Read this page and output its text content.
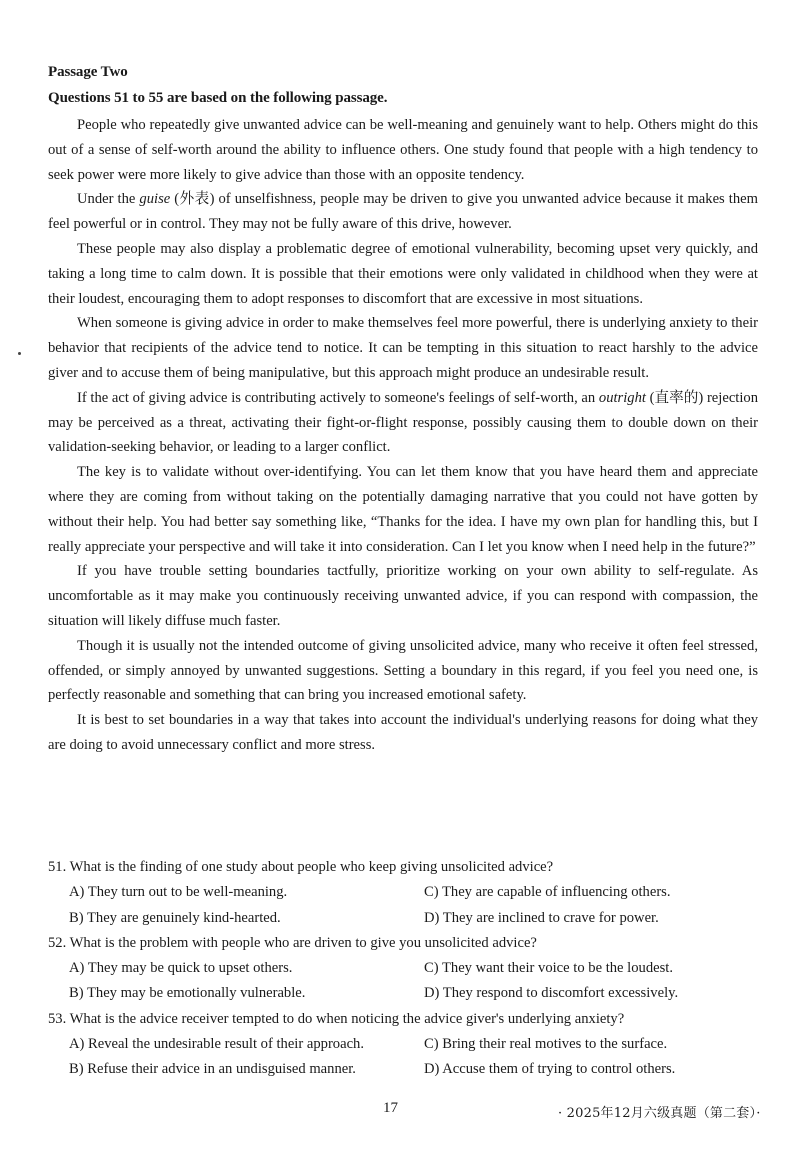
Passage Two
Questions 51 to 55 are based on the following passage.

People who repeatedly give unwanted advice can be well-meaning and genuinely want to help. Others might do this out of a sense of self-worth around the ability to influence others. One study found that people with a high tendency to seek power were more likely to give advice than those with an opposite tendency.

Under the guise (外表) of unselfishness, people may be driven to give you unwanted advice because it makes them feel powerful or in control. They may not be fully aware of this drive, however.

These people may also display a problematic degree of emotional vulnerability, becoming upset very quickly, and taking a long time to calm down. It is possible that their emotions were only validated in childhood when they were at their loudest, encouraging them to adopt responses to discomfort that are excessive in most situations.

When someone is giving advice in order to make themselves feel more powerful, there is underlying anxiety to their behavior that recipients of the advice tend to notice. It can be tempting in this situation to react harshly to the advice giver and to accuse them of being manipulative, but this approach might produce an undesirable result.

If the act of giving advice is contributing actively to someone's feelings of self-worth, an outright (直率的) rejection may be perceived as a threat, activating their fight-or-flight response, possibly causing them to double down on their validation-seeking behavior, or leading to a larger conflict.

The key is to validate without over-identifying. You can let them know that you have heard them and appreciate where they are coming from without taking on the potentially damaging narrative that you could not have gotten by without their help. You had better say something like, “Thanks for the idea. I have my own plan for handling this, but I really appreciate your perspective and will take it into consideration. Can I let you know when I need help in the future?”

If you have trouble setting boundaries tactfully, prioritize working on your own ability to self-regulate. As uncomfortable as it may make you continuously receiving unwanted advice, if you can respond with compassion, the situation will likely diffuse much faster.

Though it is usually not the intended outcome of giving unsolicited advice, many who receive it often feel stressed, offended, or simply annoyed by unwanted suggestions. Setting a boundary in this regard, if you feel you need one, is perfectly reasonable and something that can bring you increased emotional safety.

It is best to set boundaries in a way that takes into account the individual's underlying reasons for doing what they are doing to avoid unnecessary conflict and more stress.

51. What is the finding of one study about people who keep giving unsolicited advice?

A) They turn out to be well-meaning.	C) They are capable of influencing others.
B) They are genuinely kind-hearted.	D) They are inclined to crave for power.

52. What is the problem with people who are driven to give you unsolicited advice?

A) They may be quick to upset others.	C) They want their voice to be the loudest.
B) They may be emotionally vulnerable.	D) They respond to discomfort excessively.

53. What is the advice receiver tempted to do when noticing the advice giver's underlying anxiety?

A) Reveal the undesirable result of their approach.	C) Bring their real motives to the surface.
B) Refuse their advice in an undisguised manner.	D) Accuse them of trying to control others.
17	· 2025年12月六级真题（第二套）·
